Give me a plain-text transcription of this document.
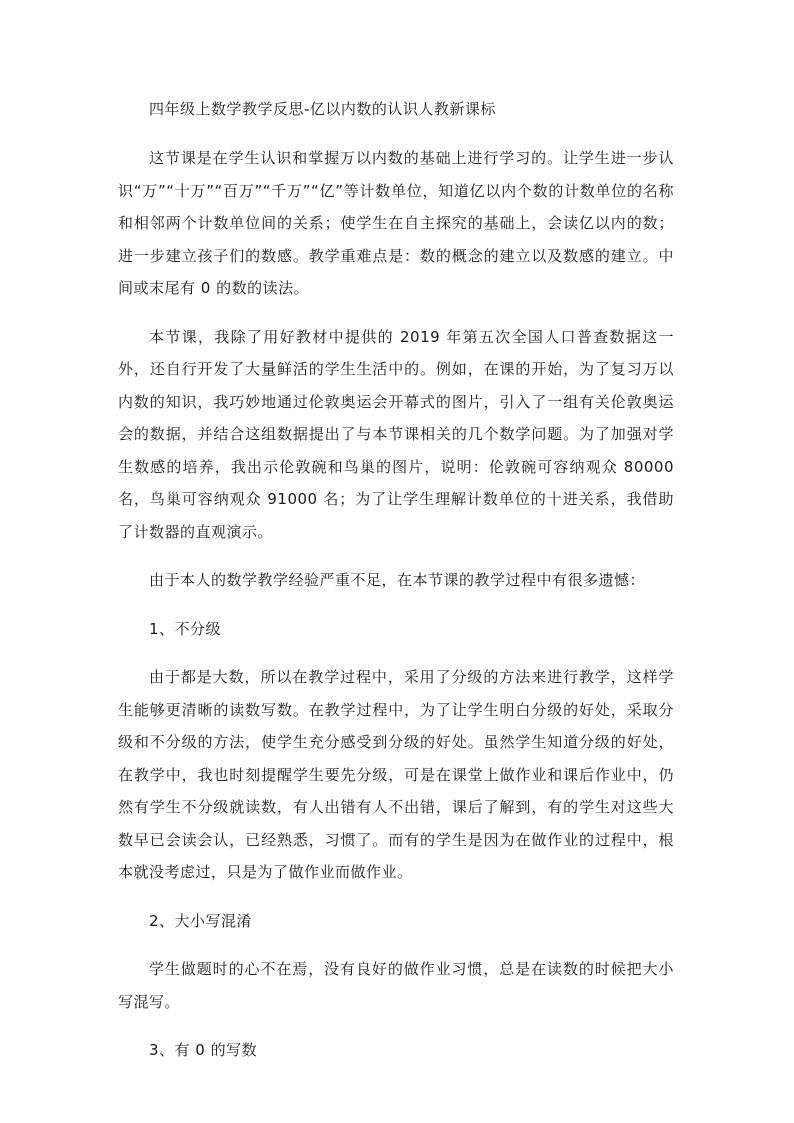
四年级上数学教学反思-亿以内数的认识人教新课标

这节课是在学生认识和掌握万以内数的基础上进行学习的。让学生进一步认识“万”“十万”“百万”“千万”“亿”等计数单位，知道亿以内个数的计数单位的名称和相邻两个计数单位间的关系；使学生在自主探究的基础上，会读亿以内的数；进一步建立孩子们的数感。教学重难点是：数的概念的建立以及数感的建立。中间或末尾有 0 的数的读法。

本节课，我除了用好教材中提供的 2019 年第五次全国人口普查数据这一外，还自行开发了大量鲜活的学生生活中的。例如，在课的开始，为了复习万以内数的知识，我巧妙地通过伦敦奥运会开幕式的图片，引入了一组有关伦敦奥运会的数据，并结合这组数据提出了与本节课相关的几个数学问题。为了加强对学生数感的培养，我出示伦敦碗和鸟巢的图片，说明：伦敦碗可容纳观众 80000 名，鸟巢可容纳观众 91000 名；为了让学生理解计数单位的十进关系，我借助了计数器的直观演示。

由于本人的数学教学经验严重不足，在本节课的教学过程中有很多遗憾：

1、不分级

由于都是大数，所以在教学过程中，采用了分级的方法来进行教学，这样学生能够更清晰的读数写数。在教学过程中，为了让学生明白分级的好处，采取分级和不分级的方法，使学生充分感受到分级的好处。虽然学生知道分级的好处，在教学中，我也时刻提醒学生要先分级，可是在课堂上做作业和课后作业中，仍然有学生不分级就读数，有人出错有人不出错，课后了解到，有的学生对这些大数早已会读会认，已经熟悉，习惯了。而有的学生是因为在做作业的过程中，根本就没考虑过，只是为了做作业而做作业。

2、大小写混淆

学生做题时的心不在焉，没有良好的做作业习惯，总是在读数的时候把大小写混写。

3、有 0 的写数
